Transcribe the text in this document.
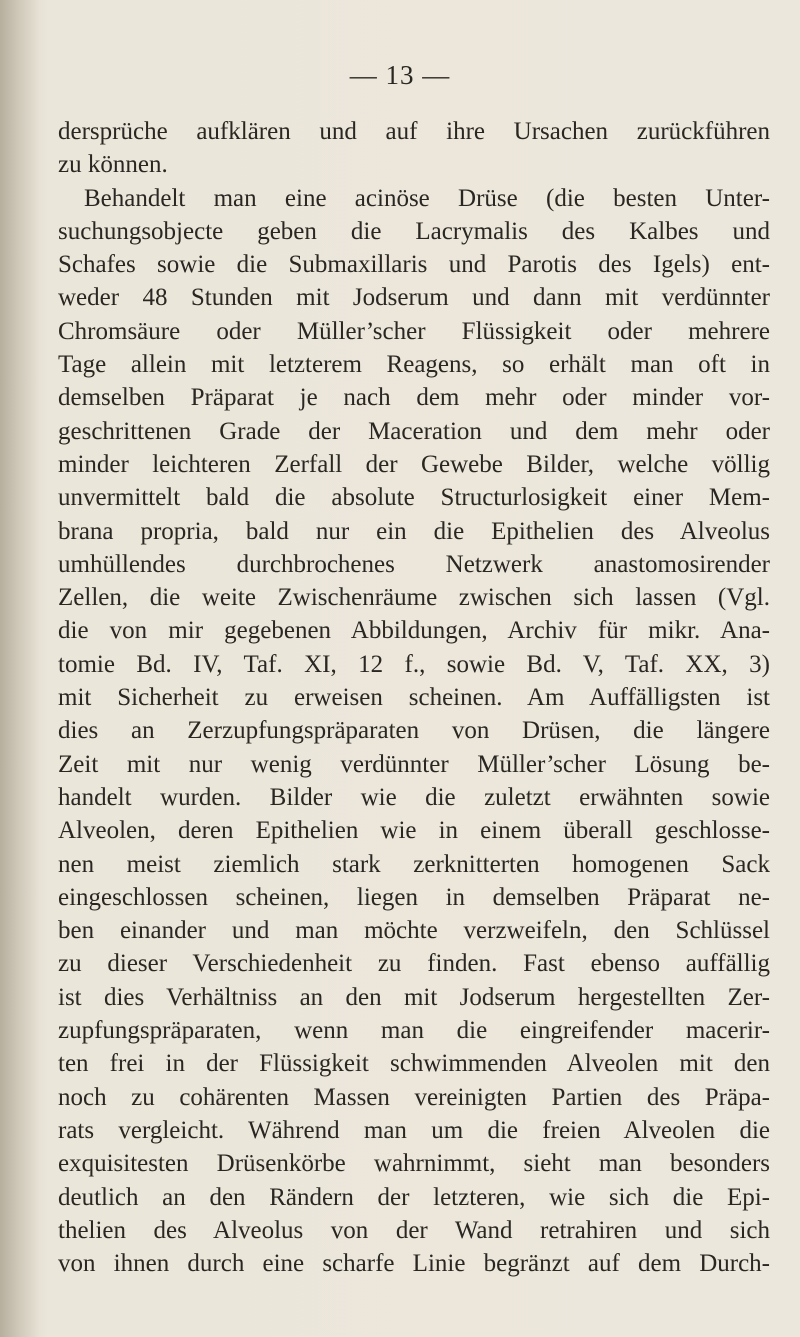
— 13 —
dersprüche aufklären und auf ihre Ursachen zurückführen
zu können.
Behandelt man eine acinöse Drüse (die besten Unter-
suchungsobjecte geben die Lacrymalis des Kalbes und
Schafes sowie die Submaxillaris und Parotis des Igels) ent-
weder 48 Stunden mit Jodserum und dann mit verdünnter
Chromsäure oder Müller’scher Flüssigkeit oder mehrere
Tage allein mit letzterem Reagens, so erhält man oft in
demselben Präparat je nach dem mehr oder minder vor-
geschrittenen Grade der Maceration und dem mehr oder
minder leichteren Zerfall der Gewebe Bilder, welche völlig
unvermittelt bald die absolute Structurlosigkeit einer Mem-
brana propria, bald nur ein die Epithelien des Alveolus
umhüllendes durchbrochenes Netzwerk anastomosirender
Zellen, die weite Zwischenräume zwischen sich lassen (Vgl.
die von mir gegebenen Abbildungen, Archiv für mikr. Ana-
tomie Bd. IV, Taf. XI, 12 f., sowie Bd. V, Taf. XX, 3)
mit Sicherheit zu erweisen scheinen. Am Auffälligsten ist
dies an Zerzupfungspräparaten von Drüsen, die längere
Zeit mit nur wenig verdünnter Müller’scher Lösung be-
handelt wurden. Bilder wie die zuletzt erwähnten sowie
Alveolen, deren Epithelien wie in einem überall geschlosse-
nen meist ziemlich stark zerknitterten homogenen Sack
eingeschlossen scheinen, liegen in demselben Präparat ne-
ben einander und man möchte verzweifeln, den Schlüssel
zu dieser Verschiedenheit zu finden. Fast ebenso auffällig
ist dies Verhältniss an den mit Jodserum hergestellten Zer-
zupfungspräparaten, wenn man die eingreifender macerir-
ten frei in der Flüssigkeit schwimmenden Alveolen mit den
noch zu cohärenten Massen vereinigten Partien des Präpa-
rats vergleicht. Während man um die freien Alveolen die
exquisitesten Drüsenkörbe wahrnimmt, sieht man besonders
deutlich an den Rändern der letzteren, wie sich die Epi-
thelien des Alveolus von der Wand retrahiren und sich
von ihnen durch eine scharfe Linie begränzt auf dem Durch-
